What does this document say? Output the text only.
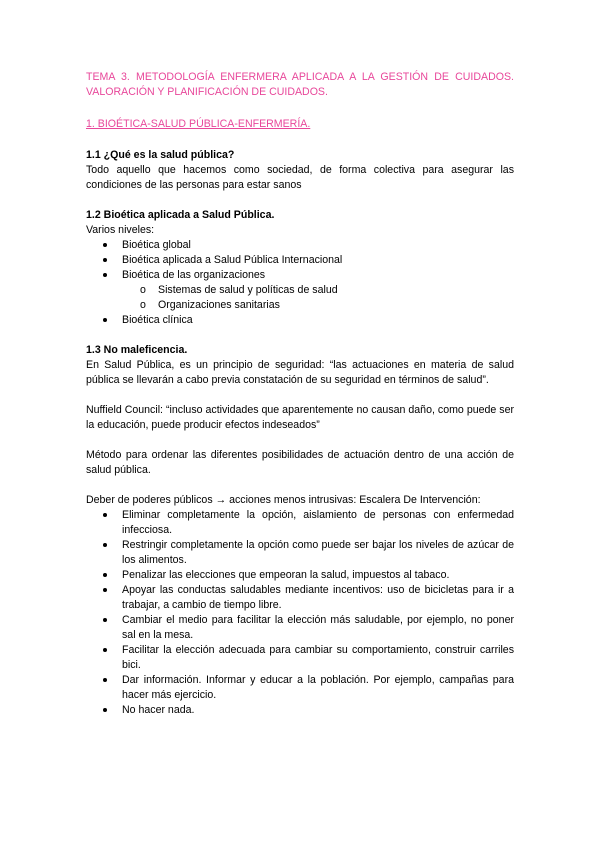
TEMA 3. METODOLOGÍA ENFERMERA APLICADA A LA GESTIÓN DE CUIDADOS.
VALORACIÓN Y PLANIFICACIÓN DE CUIDADOS.
1. BIOÉTICA-SALUD PÚBLICA-ENFERMERÍA.

1.1 ¿Qué es la salud pública?

Todo aquello que hacemos como sociedad, de forma colectiva para asegurar las condiciones de las personas para estar sanos

1.2 Bioética aplicada a Salud Pública.

Varios niveles:

Bioética global
Bioética aplicada a Salud Pública Internacional
Bioética de las organizaciones
o Sistemas de salud y políticas de salud
o Organizaciones sanitarias
Bioética clínica

1.3 No maleficencia.

En Salud Pública, es un principio de seguridad: “las actuaciones en materia de salud pública se llevarán a cabo previa constatación de su seguridad en términos de salud”.

Nuffield Council: “incluso actividades que aparentemente no causan daño, como puede ser la educación, puede producir efectos indeseados”

Método para ordenar las diferentes posibilidades de actuación dentro de una acción de salud pública.

Deber de poderes públicos → acciones menos intrusivas: Escalera De Intervención:

Eliminar completamente la opción, aislamiento de personas con enfermedad infecciosa.
Restringir completamente la opción como puede ser bajar los niveles de azúcar de los alimentos.
Penalizar las elecciones que empeoran la salud, impuestos al tabaco.
Apoyar las conductas saludables mediante incentivos: uso de bicicletas para ir a trabajar, a cambio de tiempo libre.
Cambiar el medio para facilitar la elección más saludable, por ejemplo, no poner sal en la mesa.
Facilitar la elección adecuada para cambiar su comportamiento, construir carriles bici.
Dar información. Informar y educar a la población. Por ejemplo, campañas para hacer más ejercicio.
No hacer nada.
